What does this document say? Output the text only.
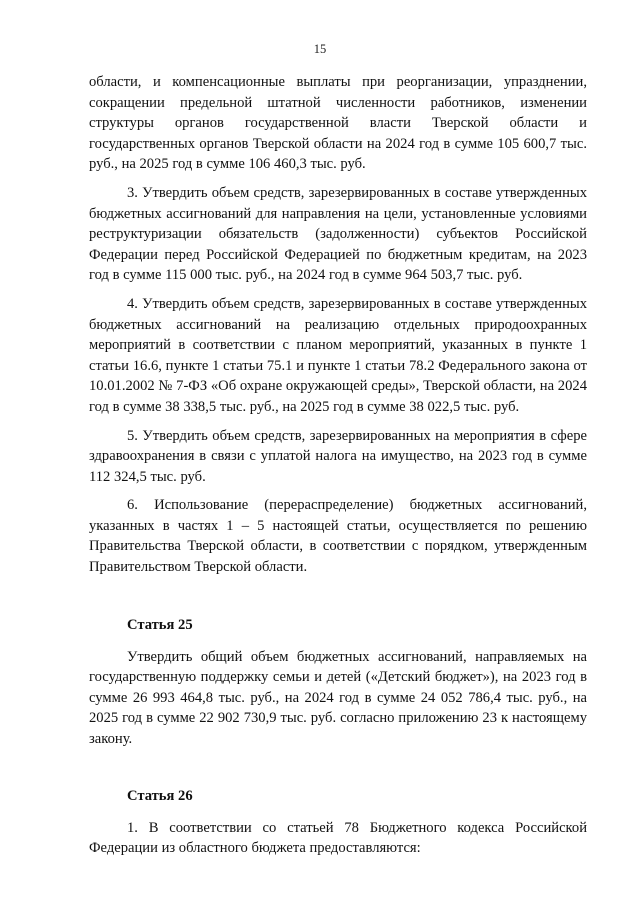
15

области, и компенсационные выплаты при реорганизации, упразднении, сокращении предельной штатной численности работников, изменении структуры органов государственной власти Тверской области и государственных органов Тверской области на 2024 год в сумме 105 600,7 тыс. руб., на 2025 год в сумме 106 460,3 тыс. руб.

3. Утвердить объем средств, зарезервированных в составе утвержденных бюджетных ассигнований для направления на цели, установленные условиями реструктуризации обязательств (задолженности) субъектов Российской Федерации перед Российской Федерацией по бюджетным кредитам, на 2023 год в сумме 115 000 тыс. руб., на 2024 год в сумме 964 503,7 тыс. руб.

4. Утвердить объем средств, зарезервированных в составе утвержденных бюджетных ассигнований на реализацию отдельных природоохранных мероприятий в соответствии с планом мероприятий, указанных в пункте 1 статьи 16.6, пункте 1 статьи 75.1 и пункте 1 статьи 78.2 Федерального закона от 10.01.2002 № 7-ФЗ «Об охране окружающей среды», Тверской области, на 2024 год в сумме 38 338,5 тыс. руб., на 2025 год в сумме 38 022,5 тыс. руб.

5. Утвердить объем средств, зарезервированных на мероприятия в сфере здравоохранения в связи с уплатой налога на имущество, на 2023 год в сумме 112 324,5 тыс. руб.

6. Использование (перераспределение) бюджетных ассигнований, указанных в частях 1 – 5 настоящей статьи, осуществляется по решению Правительства Тверской области, в соответствии с порядком, утвержденным Правительством Тверской области.

Статья 25

Утвердить общий объем бюджетных ассигнований, направляемых на государственную поддержку семьи и детей («Детский бюджет»), на 2023 год в сумме 26 993 464,8 тыс. руб., на 2024 год в сумме 24 052 786,4 тыс. руб., на 2025 год в сумме 22 902 730,9 тыс. руб. согласно приложению 23 к настоящему закону.

Статья 26

1. В соответствии со статьей 78 Бюджетного кодекса Российской Федерации из областного бюджета предоставляются:
